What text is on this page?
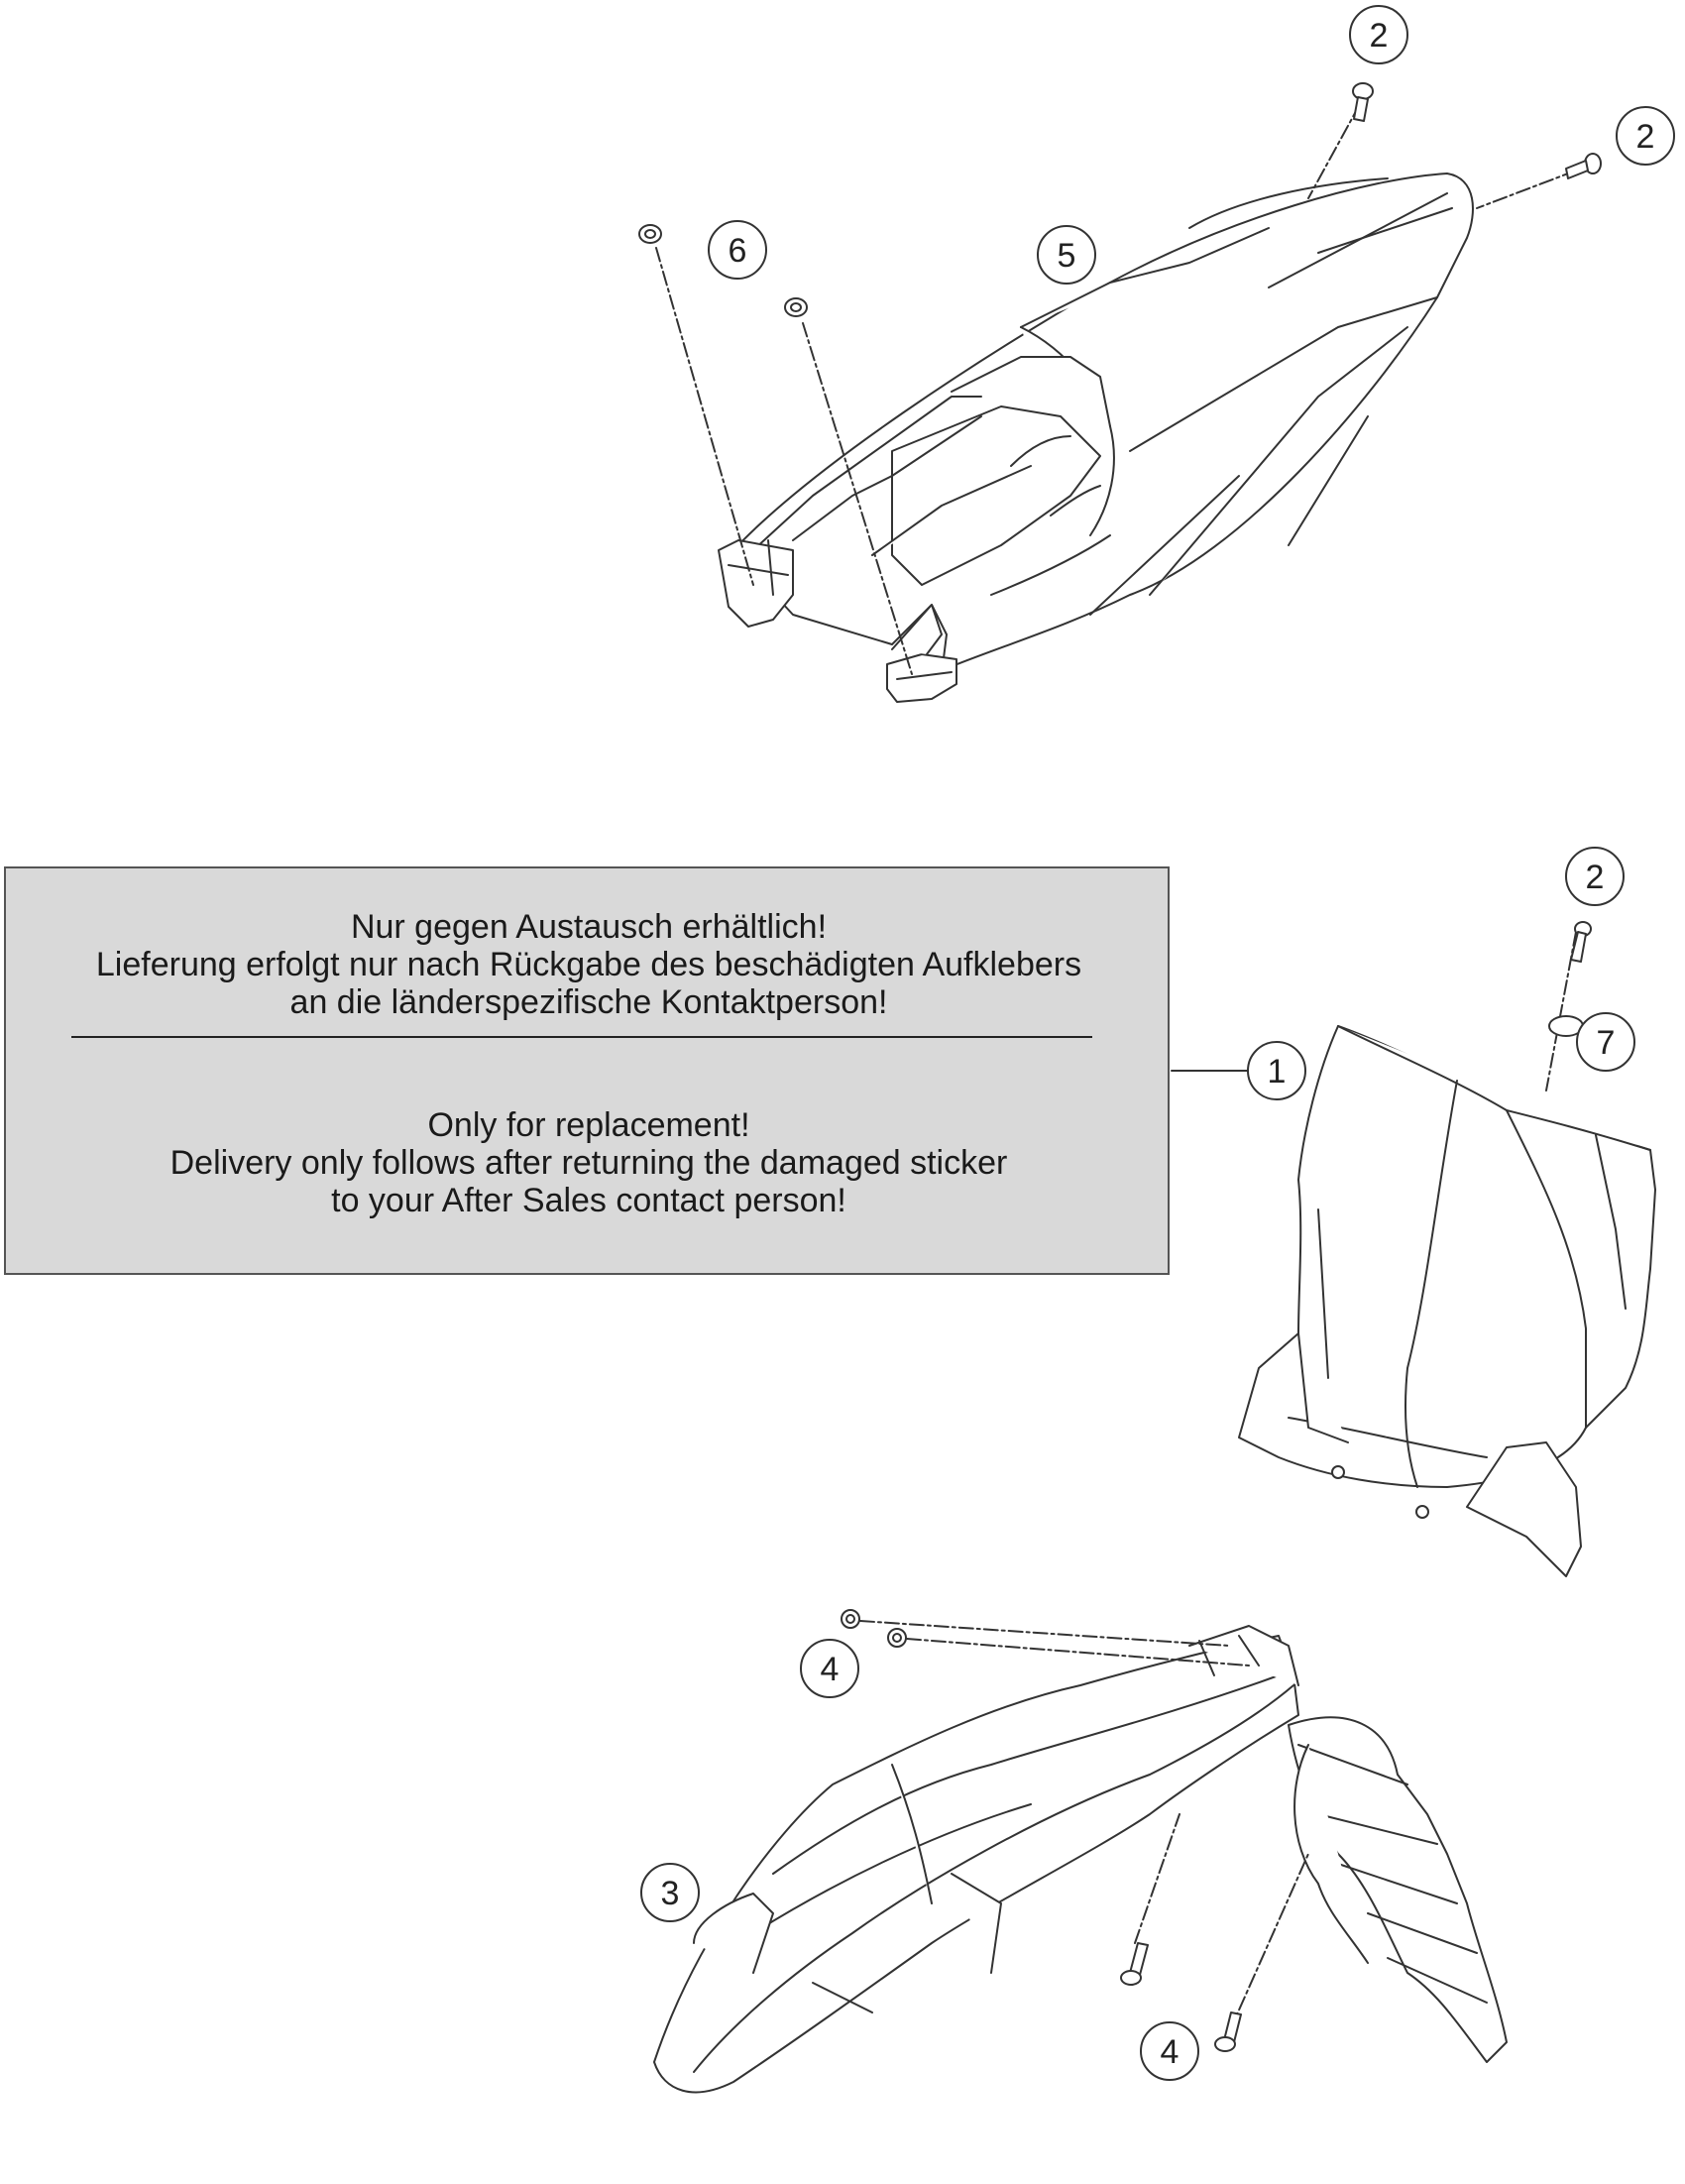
1
2
2
2
3
4
4
5
6
7
Nur gegen Austausch erhältlich!
Lieferung erfolgt nur nach Rückgabe des beschädigten Aufklebers
an die länderspezifische Kontaktperson!
Only for replacement!
Delivery only follows after returning the damaged sticker
to your After Sales contact person!
